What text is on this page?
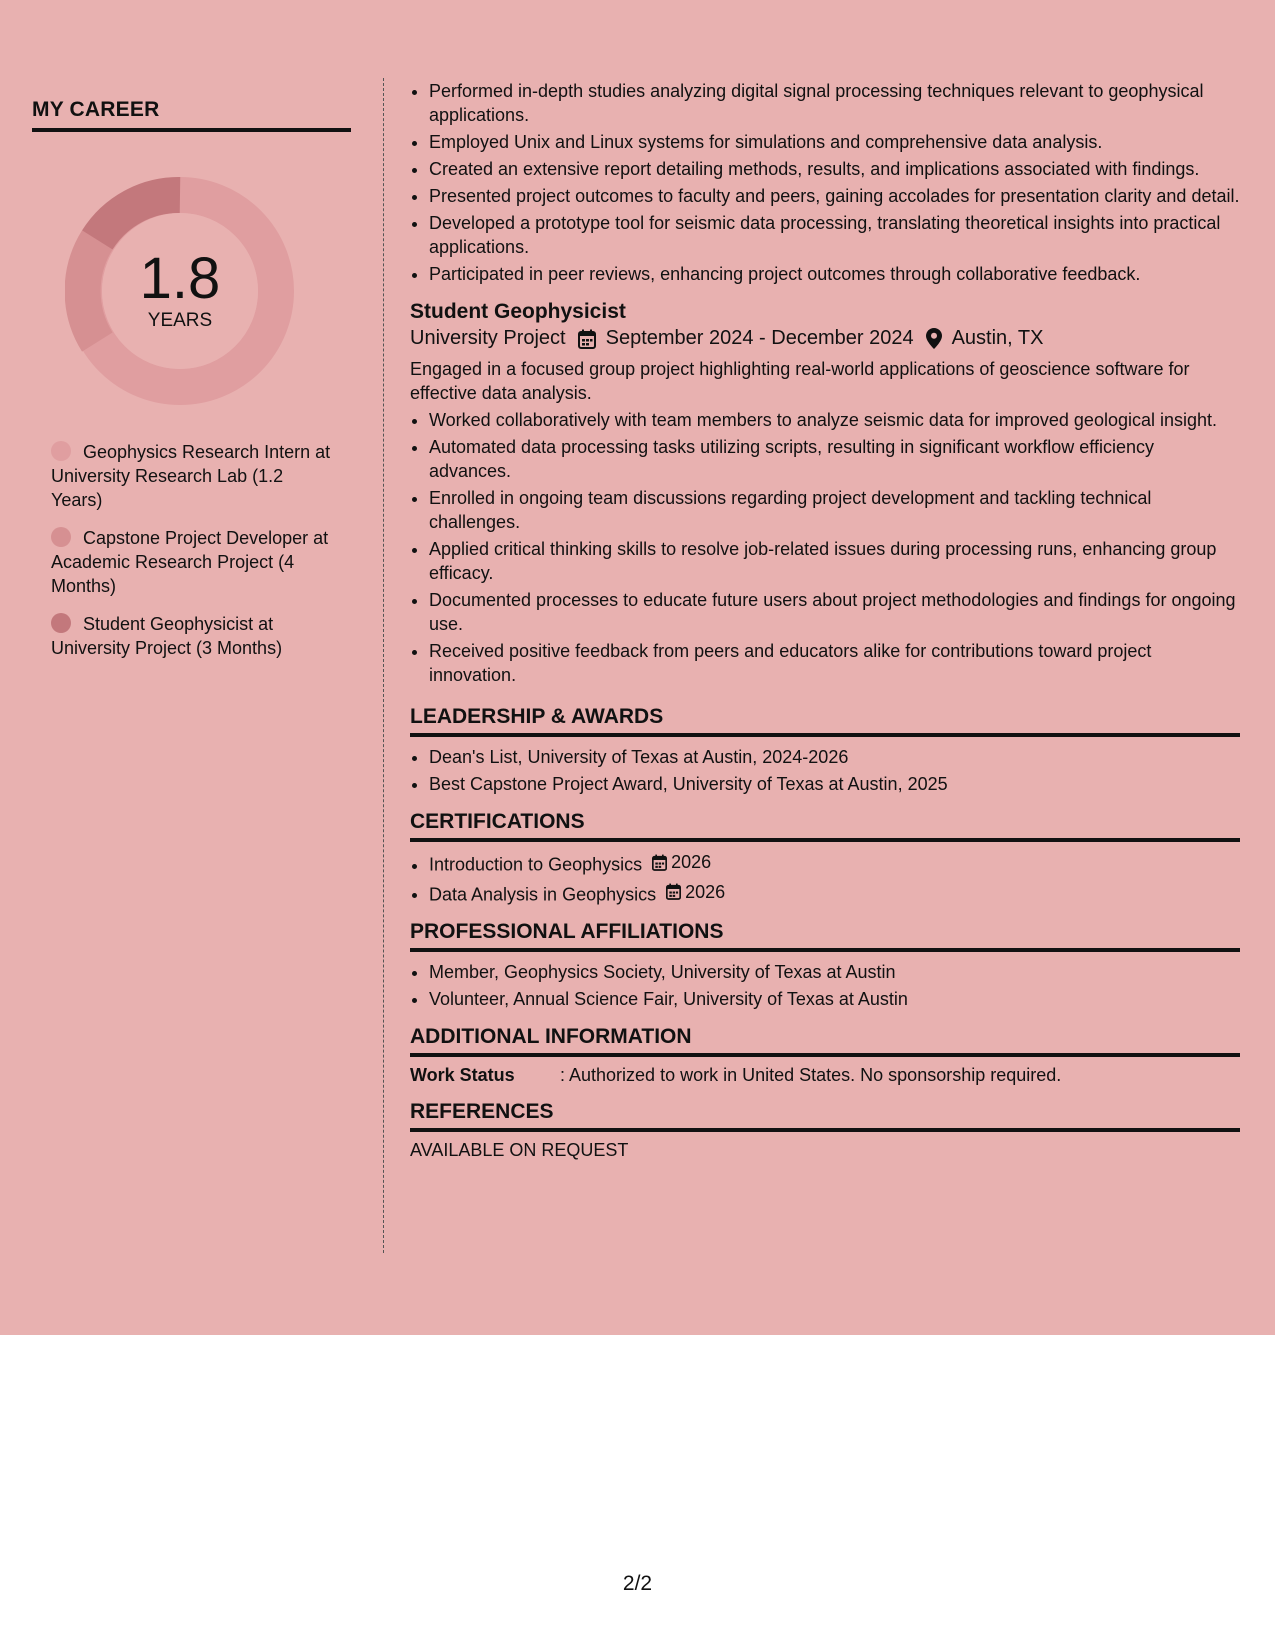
MY CAREER
1.8
YEARS
Geophysics Research Intern at University Research Lab (1.2 Years)
Capstone Project Developer at Academic Research Project (4 Months)
Student Geophysicist at University Project (3 Months)
• Performed in-depth studies analyzing digital signal processing techniques relevant to geophysical applications.
• Employed Unix and Linux systems for simulations and comprehensive data analysis.
• Created an extensive report detailing methods, results, and implications associated with findings.
• Presented project outcomes to faculty and peers, gaining accolades for presentation clarity and detail.
• Developed a prototype tool for seismic data processing, translating theoretical insights into practical applications.
• Participated in peer reviews, enhancing project outcomes through collaborative feedback.
Student Geophysicist
University Project September 2024 - December 2024 Austin, TX

Engaged in a focused group project highlighting real-world applications of geoscience software for effective data analysis.

• Worked collaboratively with team members to analyze seismic data for improved geological insight.
• Automated data processing tasks utilizing scripts, resulting in significant workflow efficiency advances.
• Enrolled in ongoing team discussions regarding project development and tackling technical challenges.
• Applied critical thinking skills to resolve job-related issues during processing runs, enhancing group efficacy.
• Documented processes to educate future users about project methodologies and findings for ongoing use.
• Received positive feedback from peers and educators alike for contributions toward project innovation.
LEADERSHIP & AWARDS
• Dean's List, University of Texas at Austin, 2024-2026
• Best Capstone Project Award, University of Texas at Austin, 2025
CERTIFICATIONS
• Introduction to Geophysics 2026
• Data Analysis in Geophysics 2026
PROFESSIONAL AFFILIATIONS
• Member, Geophysics Society, University of Texas at Austin
• Volunteer, Annual Science Fair, University of Texas at Austin
ADDITIONAL INFORMATION
Work Status	: Authorized to work in United States. No sponsorship required.
REFERENCES
AVAILABLE ON REQUEST
2/2
